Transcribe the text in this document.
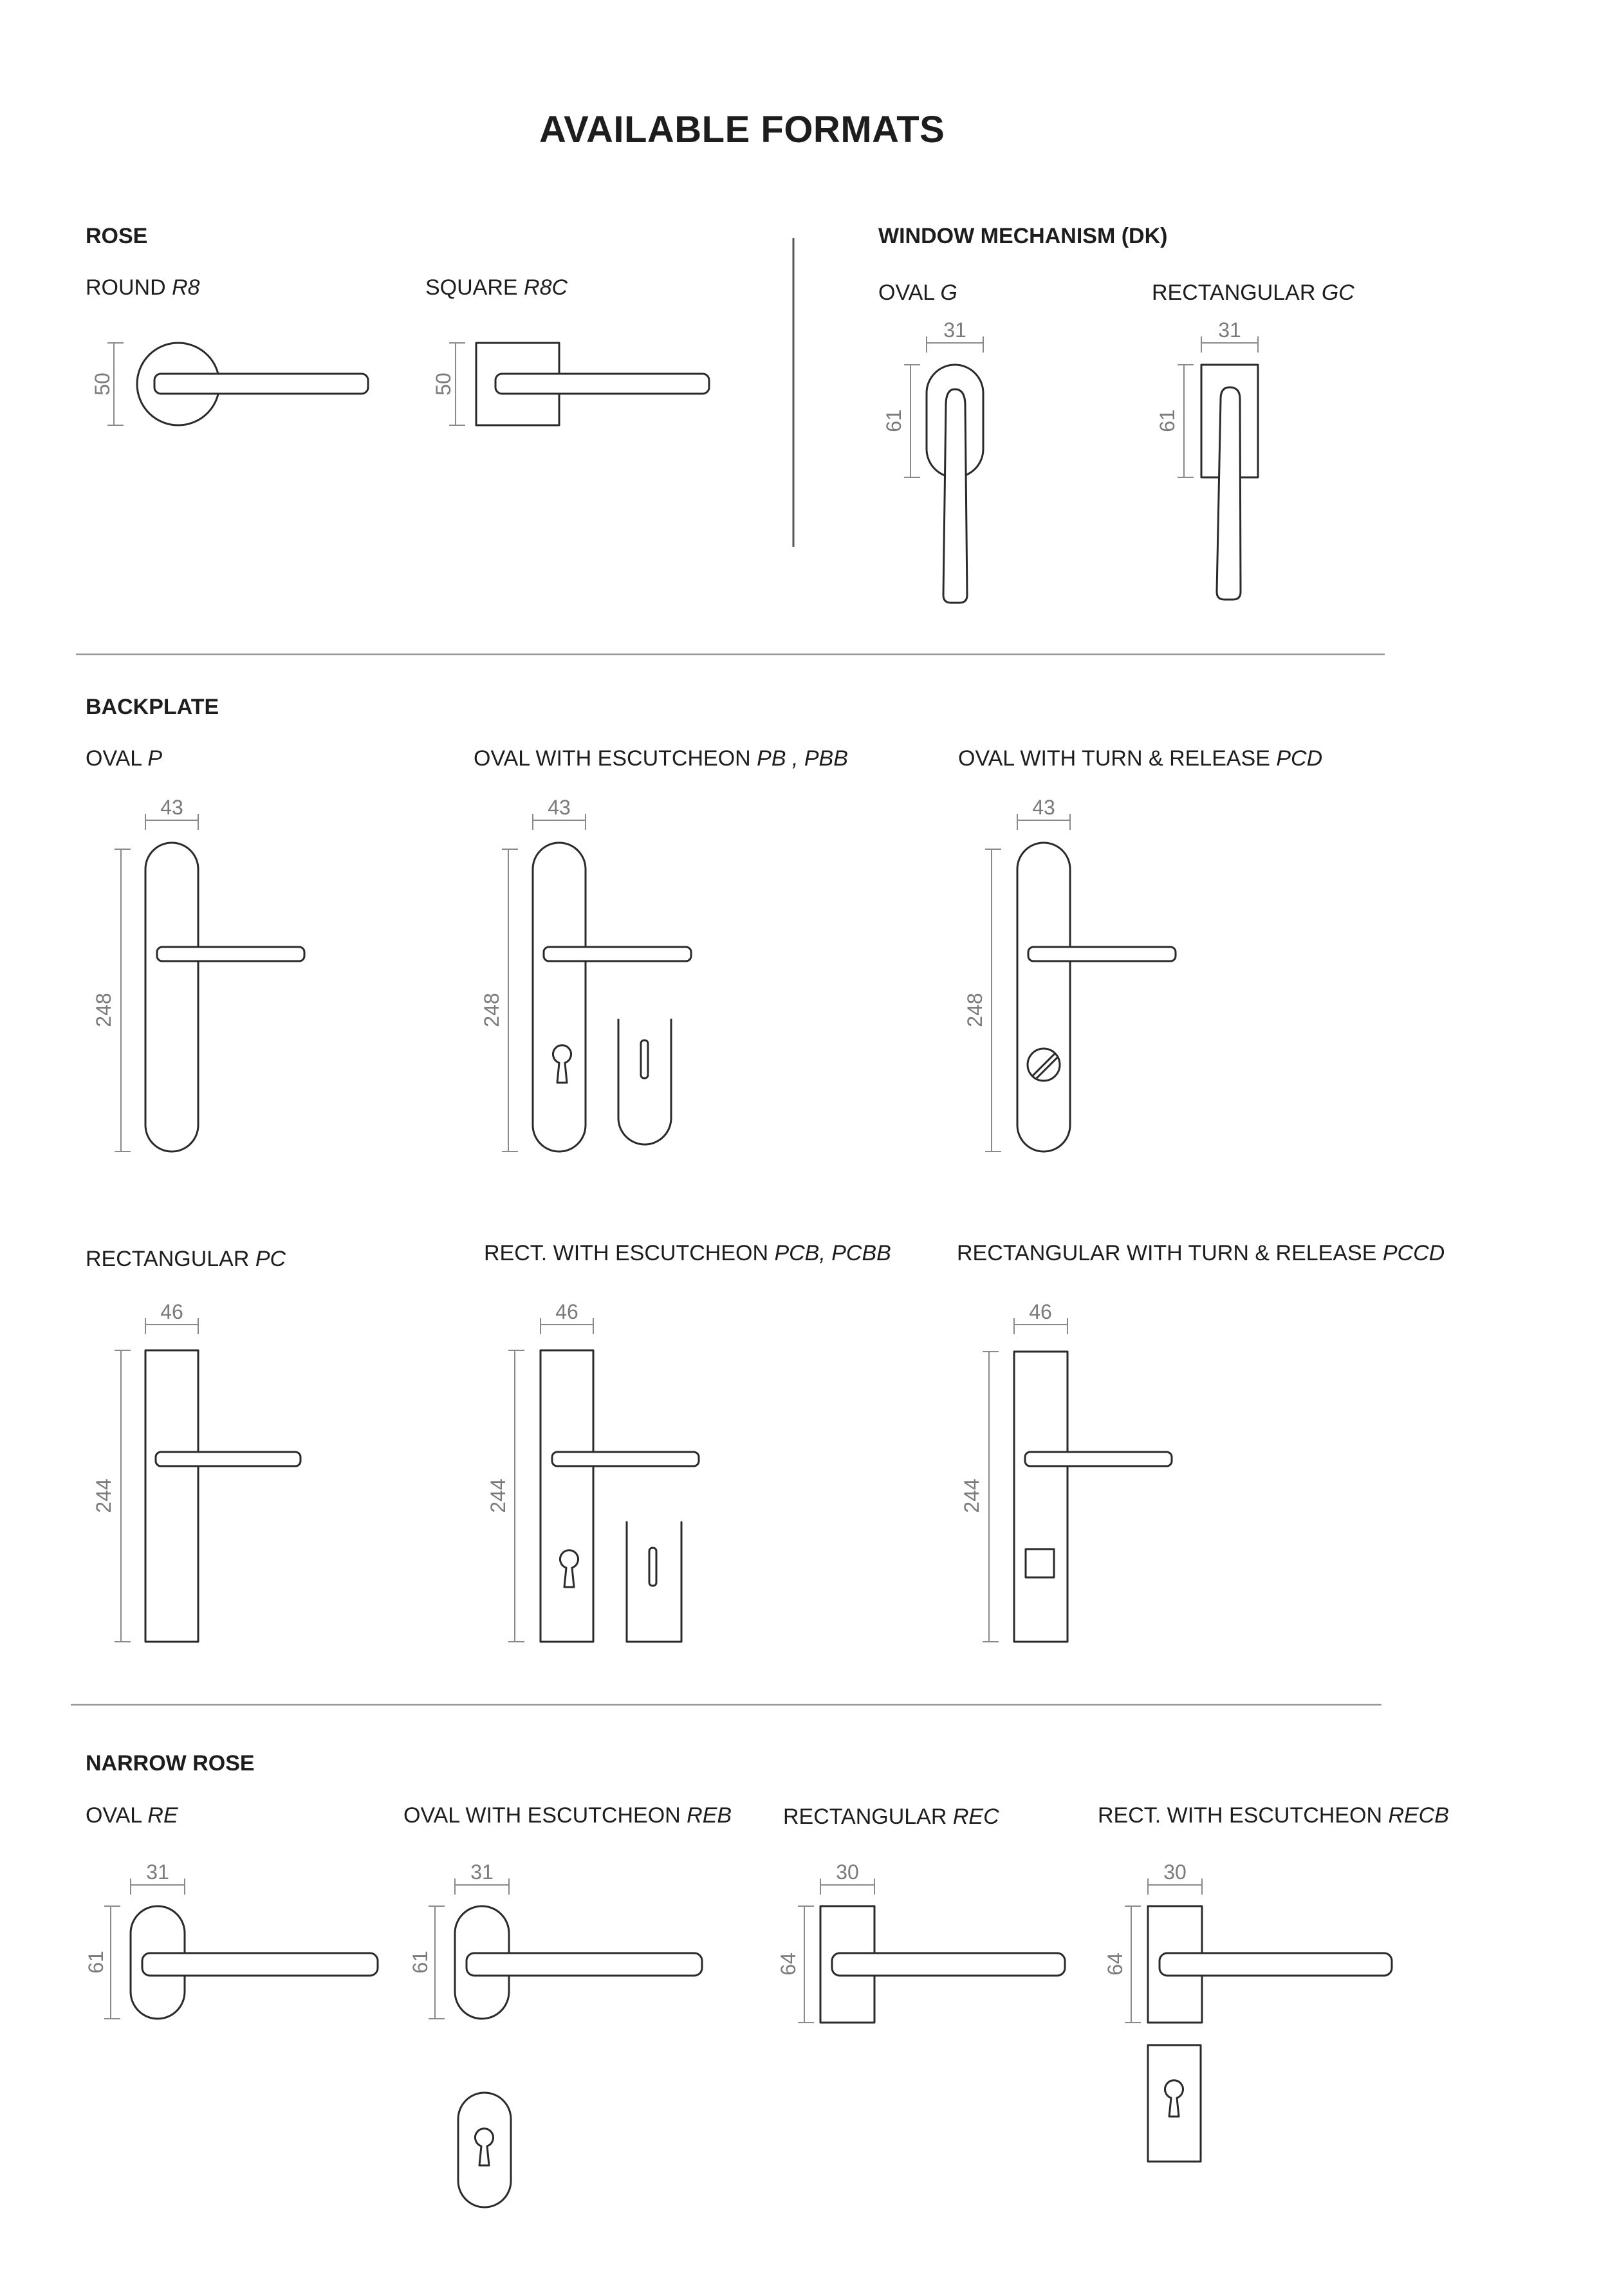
AVAILABLE FORMATS
ROSE
ROUND R8	SQUARE R8C
WINDOW MECHANISM (DK)
OVAL G	RECTANGULAR GC
BACKPLATE
OVAL P	OVAL WITH ESCUTCHEON PB , PBB	OVAL WITH TURN & RELEASE PCD
RECTANGULAR PC	RECT. WITH ESCUTCHEON PCB, PCBB	RECTANGULAR WITH TURN & RELEASE PCCD
NARROW ROSE
OVAL RE	OVAL WITH ESCUTCHEON REB RECTANGULAR REC	RECT. WITH ESCUTCHEON RECB
50	50
31
61
31
61
43
248
43
248
43
248
46
244
46
244
46
244
31
61
31
61
30
64
30
64
